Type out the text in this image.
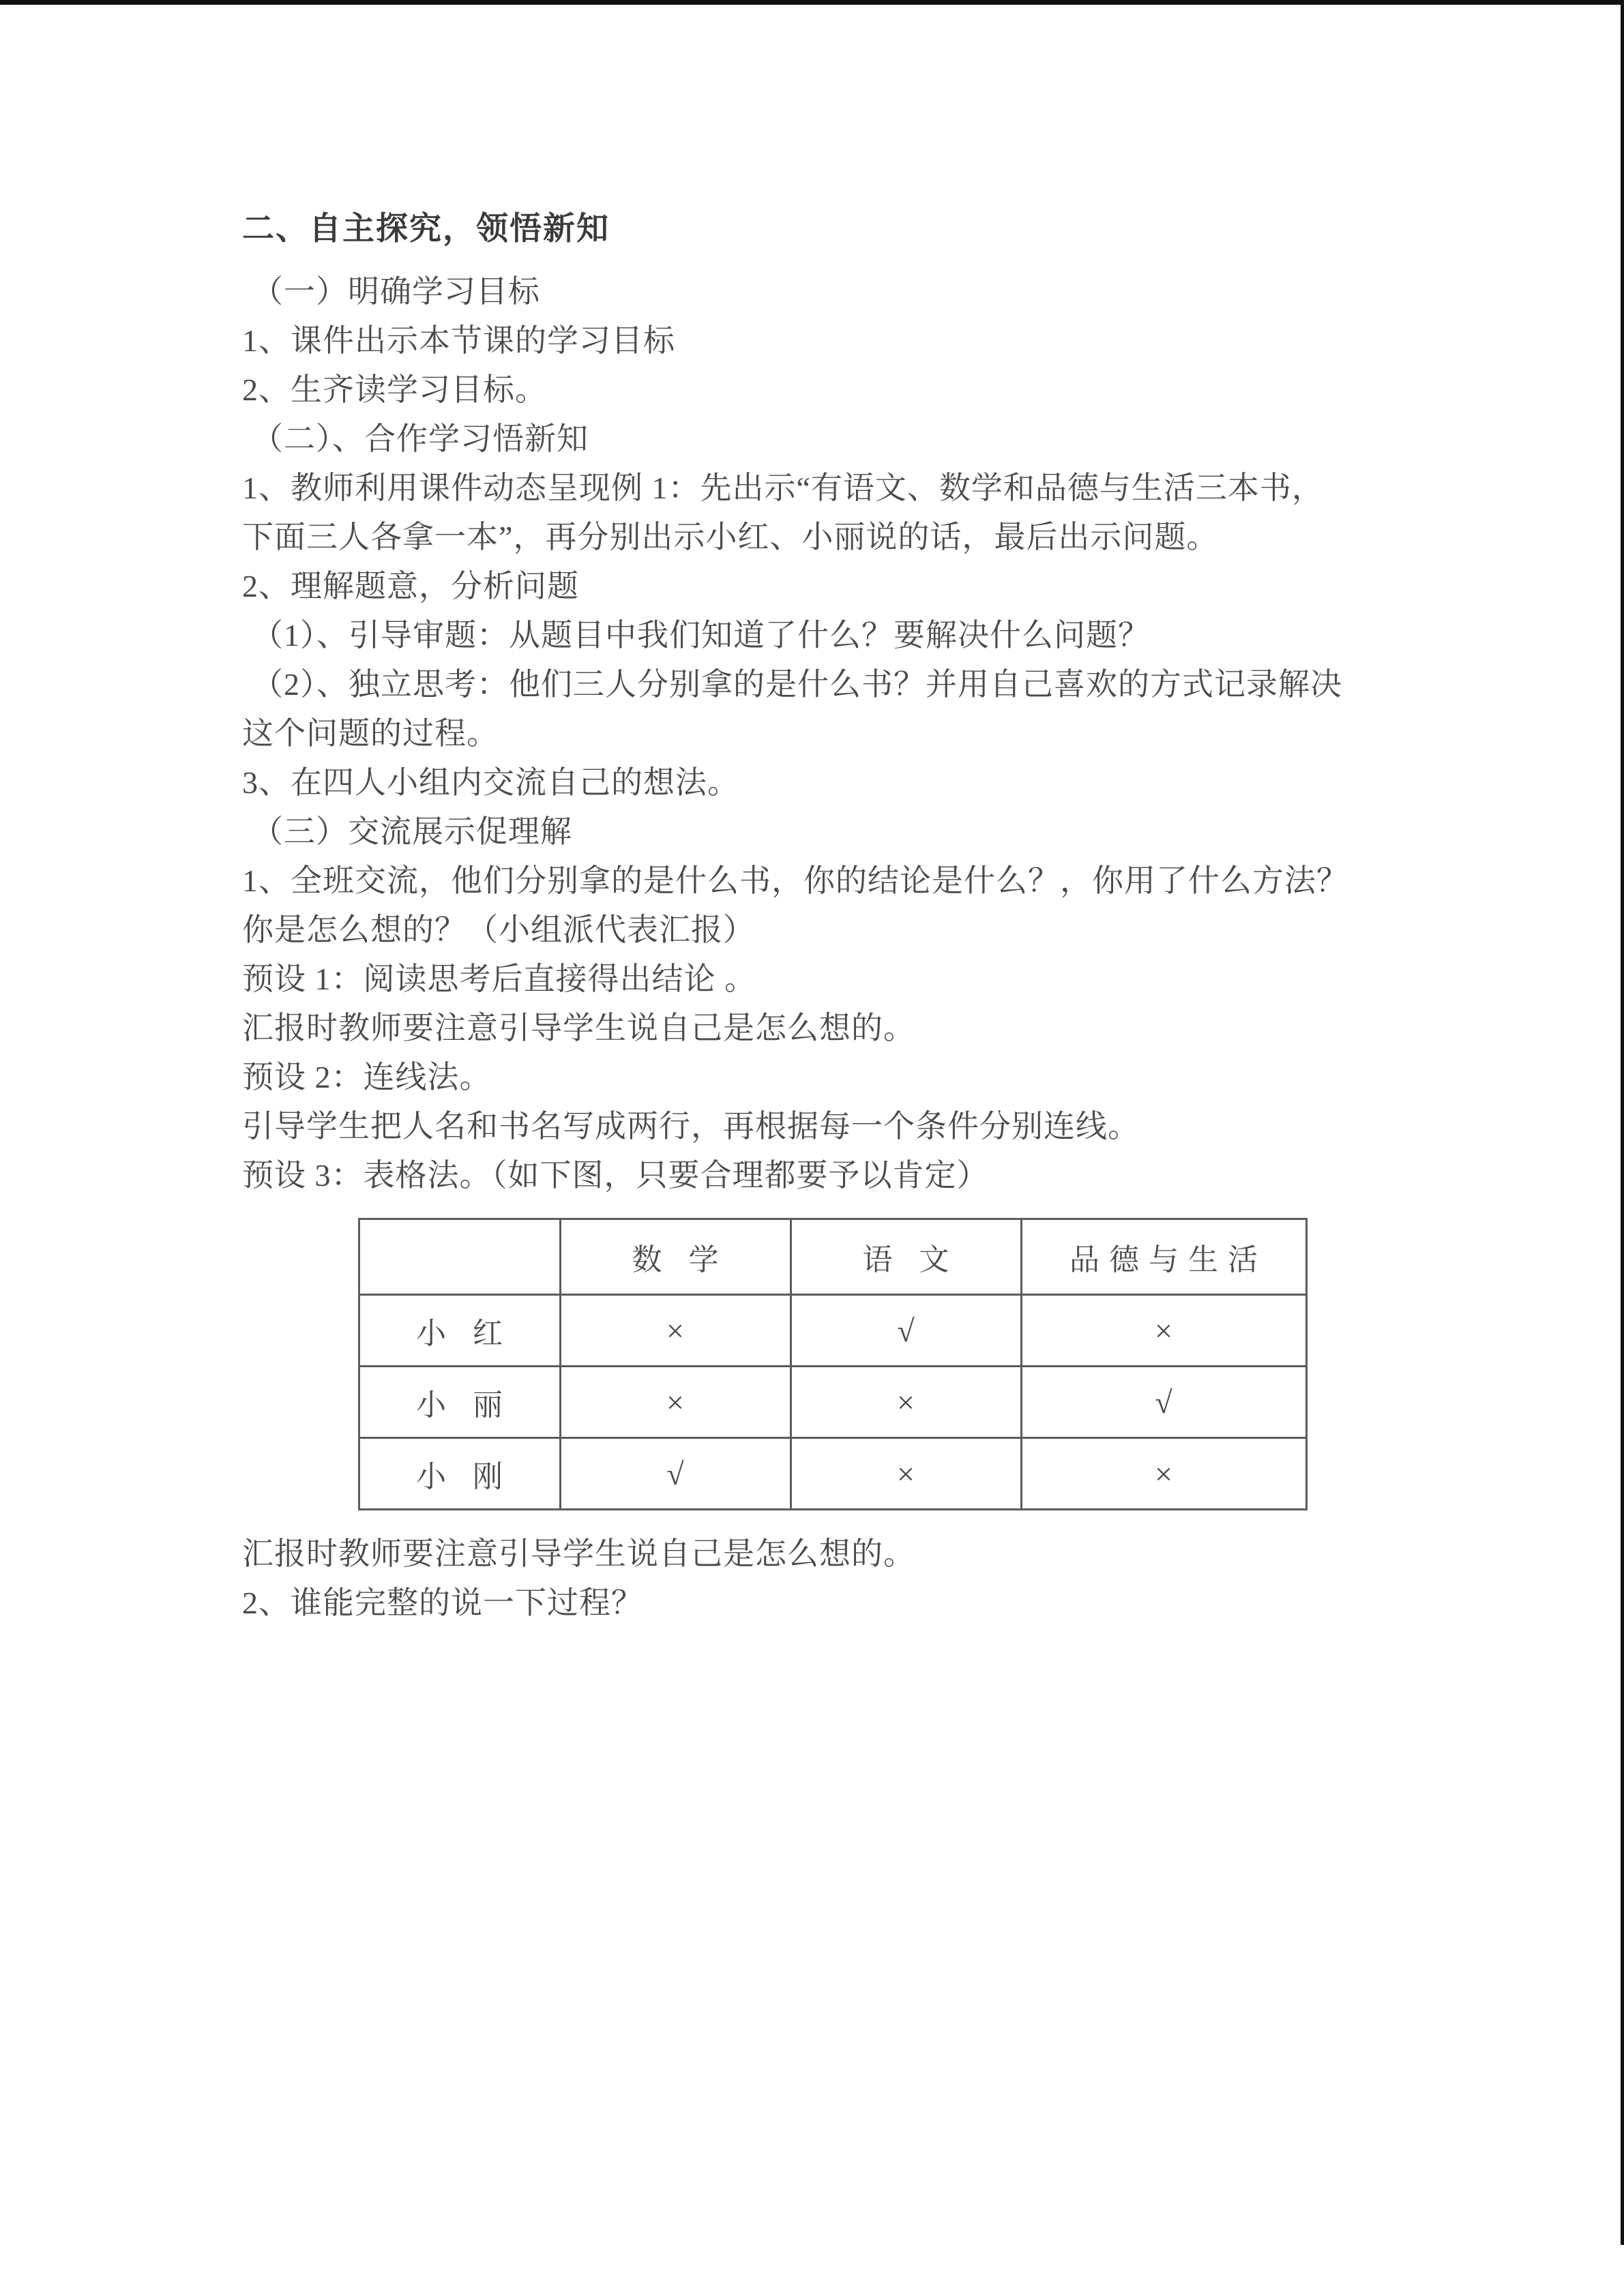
二、自主探究，领悟新知
（一）明确学习目标
1、课件出示本节课的学习目标
2、生齐读学习目标。
（二）、合作学习悟新知
1、教师利用课件动态呈现例 1：先出示“有语文、数学和品德与生活三本书，
下面三人各拿一本”，再分别出示小红、小丽说的话，最后出示问题。
2、理解题意，分析问题
（1）、引导审题：从题目中我们知道了什么？要解决什么问题？
（2）、独立思考：他们三人分别拿的是什么书？并用自己喜欢的方式记录解决
这个问题的过程。
3、在四人小组内交流自己的想法。
（三）交流展示促理解
1、全班交流，他们分别拿的是什么书，你的结论是什么？，你用了什么方法？
你是怎么想的？（小组派代表汇报）
预设 1：阅读思考后直接得出结论 。
汇报时教师要注意引导学生说自己是怎么想的。
预设 2：连线法。
引导学生把人名和书名写成两行，再根据每一个条件分别连线。
预设 3：表格法。（如下图，只要合理都要予以肯定）
	数 学	语 文	品德与生活
小 红	×	√	×
小 丽	×	×	√
小 刚	√	×	×
汇报时教师要注意引导学生说自己是怎么想的。
2、谁能完整的说一下过程？
